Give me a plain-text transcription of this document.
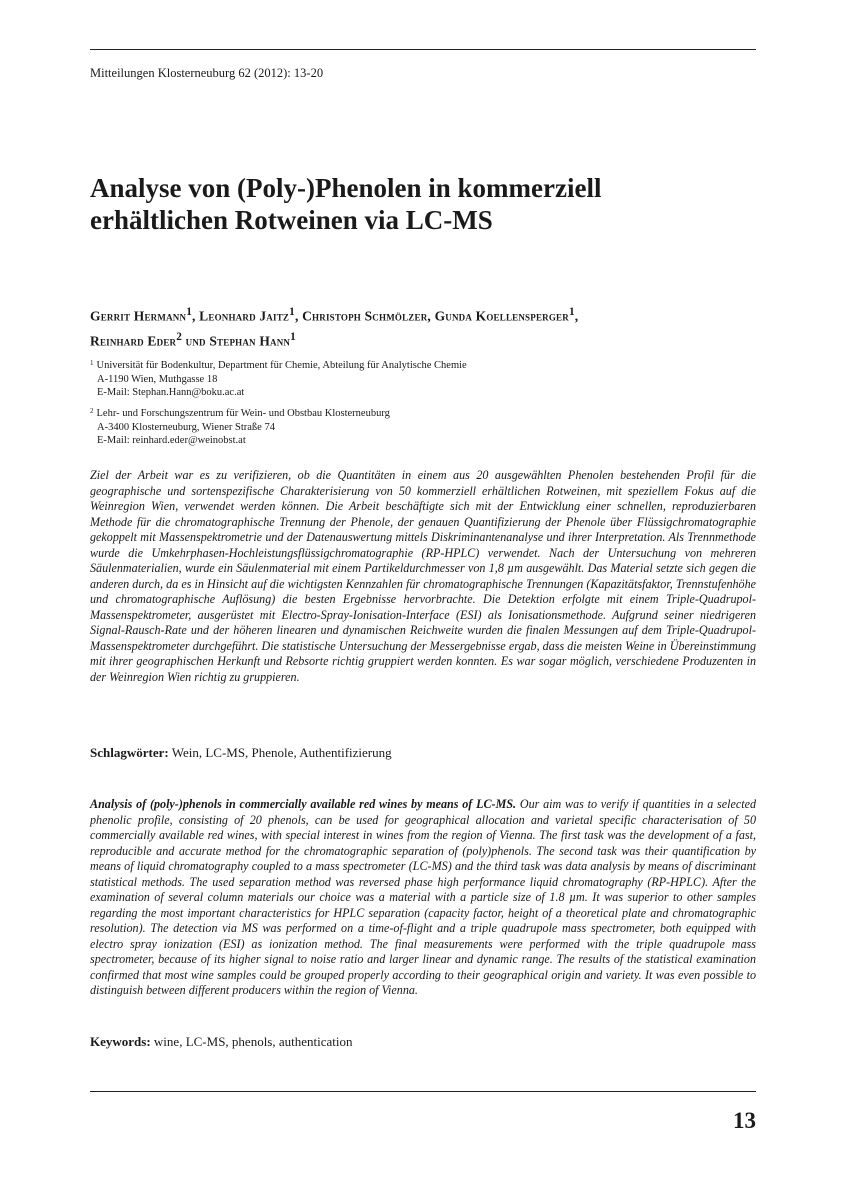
Mitteilungen Klosterneuburg 62 (2012): 13-20
Analyse von (Poly-)Phenolen in kommerziell
erhältlichen Rotweinen via LC-MS

Gerrit Hermann$^1$, Leonhard Jaitz$^1$, Christoph Schmölzer, Gunda Koellensperger$^1$,
Reinhard Eder$^2$ und Stephan Hann$^1$

$^1$ Universität für Bodenkultur, Department für Chemie, Abteilung für Analytische Chemie
A-1190 Wien, Muthgasse 18
E-Mail: Stephan.Hann@boku.ac.at
$^2$ Lehr- und Forschungszentrum für Wein- und Obstbau Klosterneuburg
A-3400 Klosterneuburg, Wiener Straße 74
E-Mail: reinhard.eder@weinobst.at

Ziel der Arbeit war es zu verifizieren, ob die Quantitäten in einem aus 20 ausgewählten Phenolen bestehenden Profil für die geographische und sortenspezifische Charakterisierung von 50 kommerziell erhältlichen Rotweinen, mit speziellem Fokus auf die Weinregion Wien, verwendet werden können. Die Arbeit beschäftigte sich mit der Entwicklung einer schnellen, reproduzierbaren Methode für die chromatographische Trennung der Phenole, der genauen Quantifizierung der Phenole über Flüssigchromatographie gekoppelt mit Massenspektrometrie und der Datenauswertung mittels Diskriminantenanalyse und ihrer Interpretation. Als Trennmethode wurde die Umkehrphasen-Hochleistungsflüssigchromatographie (RP-HPLC) verwendet. Nach der Untersuchung von mehreren Säulenmaterialien, wurde ein Säulenmaterial mit einem Partikeldurchmesser von 1,8 µm ausgewählt. Das Material setzte sich gegen die anderen durch, da es in Hinsicht auf die wichtigsten Kennzahlen für chromatographische Trennungen (Kapazitätsfaktor, Trennstufenhöhe und chromatographische Auflösung) die besten Ergebnisse hervorbrachte. Die Detektion erfolgte mit einem Triple-Quadrupol-Massenspektrometer, ausgerüstet mit Electro-Spray-Ionisation-Interface (ESI) als Ionisationsmethode. Aufgrund seiner niedrigeren Signal-Rausch-Rate und der höheren linearen und dynamischen Reichweite wurden die finalen Messungen auf dem Triple-Quadrupol-Massenspektrometer durchgeführt. Die statistische Untersuchung der Messergebnisse ergab, dass die meisten Weine in Übereinstimmung mit ihrer geographischen Herkunft und Rebsorte richtig gruppiert werden konnten. Es war sogar möglich, verschiedene Produzenten in der Weinregion Wien richtig zu gruppieren.

Schlagwörter: Wein, LC-MS, Phenole, Authentifizierung

Analysis of (poly-)phenols in commercially available red wines by means of LC-MS. Our aim was to verify if quantities in a selected phenolic profile, consisting of 20 phenols, can be used for geographical allocation and varietal specific characterisation of 50 commercially available red wines, with special interest in wines from the region of Vienna. The first task was the development of a fast, reproducible and accurate method for the chromatographic separation of (poly)phenols. The second task was their quantification by means of liquid chromatography coupled to a mass spectrometer (LC-MS) and the third task was data analysis by means of discriminant statistical methods. The used separation method was reversed phase high performance liquid chromatography (RP-HPLC). After the examination of several column materials our choice was a material with a particle size of 1.8 µm. It was superior to other samples regarding the most important characteristics for HPLC separation (capacity factor, height of a theoretical plate and chromatographic resolution). The detection via MS was performed on a time-of-flight and a triple quadrupole mass spectrometer, both equipped with electro spray ionization (ESI) as ionization method. The final measurements were performed with the triple quadrupole mass spectrometer, because of its higher signal to noise ratio and larger linear and dynamic range. The results of the statistical examination confirmed that most wine samples could be grouped properly according to their geographical origin and variety. It was even possible to distinguish between different producers within the region of Vienna.

Keywords: wine, LC-MS, phenols, authentication
13
